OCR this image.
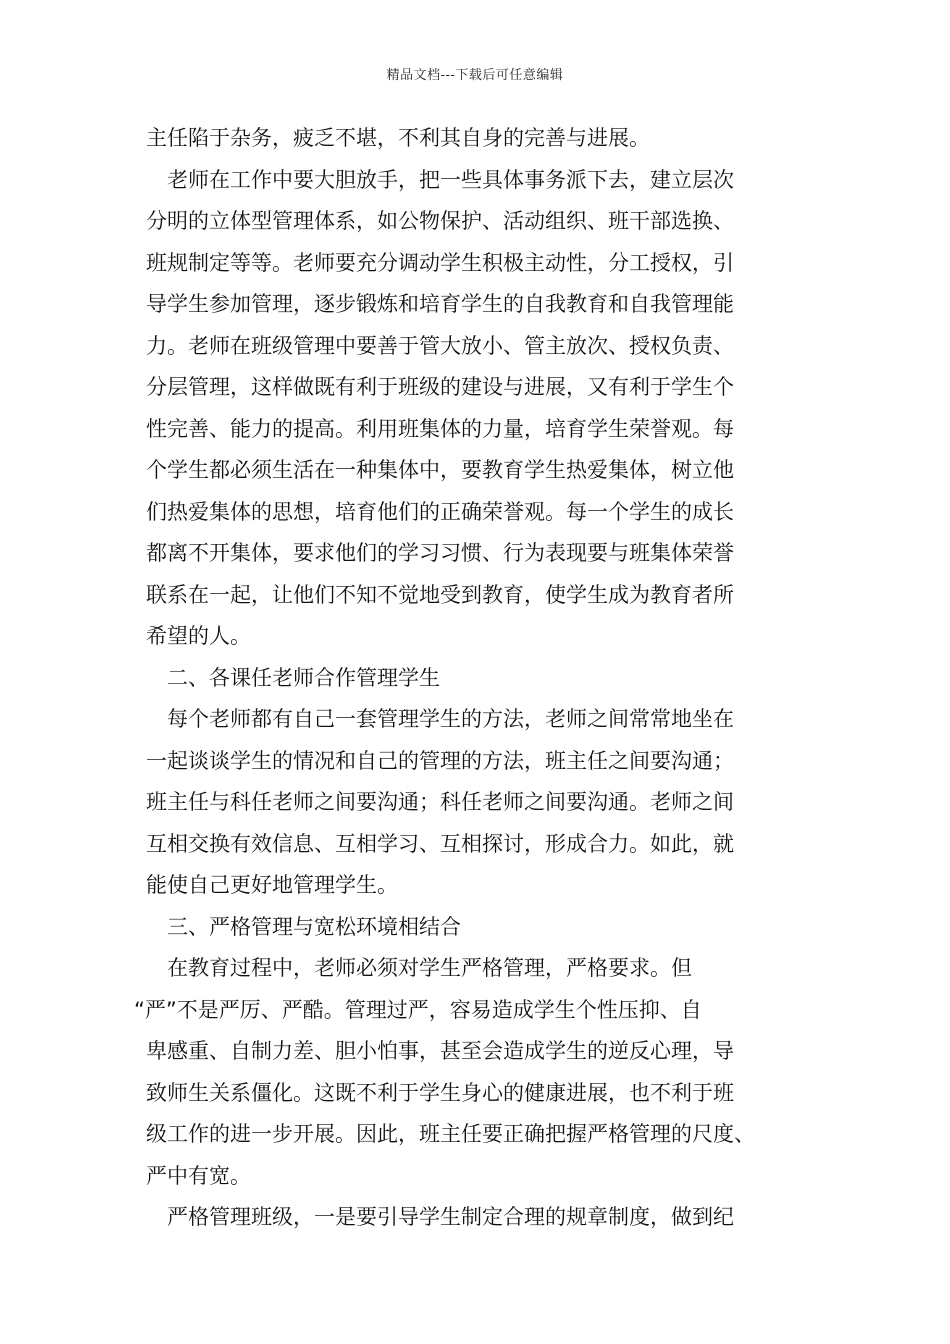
精品文档---下载后可任意编辑
主任陷于杂务，疲乏不堪，不利其自身的完善与进展。
老师在工作中要大胆放手，把一些具体事务派下去，建立层次
分明的立体型管理体系，如公物保护、活动组织、班干部选换、
班规制定等等。老师要充分调动学生积极主动性，分工授权，引
导学生参加管理，逐步锻炼和培育学生的自我教育和自我管理能
力。老师在班级管理中要善于管大放小、管主放次、授权负责、
分层管理，这样做既有利于班级的建设与进展，又有利于学生个
性完善、能力的提高。利用班集体的力量，培育学生荣誉观。每
个学生都必须生活在一种集体中，要教育学生热爱集体，树立他
们热爱集体的思想，培育他们的正确荣誉观。每一个学生的成长
都离不开集体，要求他们的学习习惯、行为表现要与班集体荣誉
联系在一起，让他们不知不觉地受到教育，使学生成为教育者所
希望的人。
二、各课任老师合作管理学生
每个老师都有自己一套管理学生的方法，老师之间常常地坐在
一起谈谈学生的情况和自己的管理的方法，班主任之间要沟通；
班主任与科任老师之间要沟通；科任老师之间要沟通。老师之间
互相交换有效信息、互相学习、互相探讨，形成合力。如此，就
能使自己更好地管理学生。
三、严格管理与宽松环境相结合
在教育过程中，老师必须对学生严格管理，严格要求。但
“严”不是严厉、严酷。管理过严，容易造成学生个性压抑、自
卑感重、自制力差、胆小怕事，甚至会造成学生的逆反心理，导
致师生关系僵化。这既不利于学生身心的健康进展，也不利于班
级工作的进一步开展。因此，班主任要正确把握严格管理的尺度、
严中有宽。
严格管理班级，一是要引导学生制定合理的规章制度，做到纪
